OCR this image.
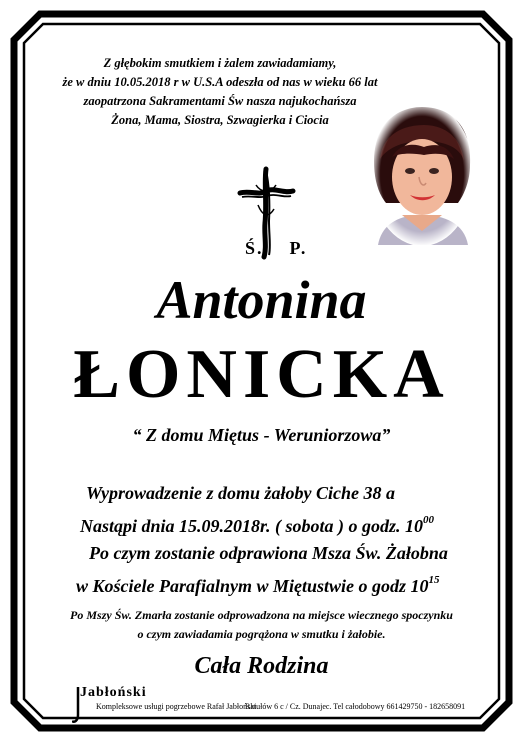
Z głębokim smutkiem i żalem zawiadamiamy,
że w dniu 10.05.2018 r w U.S.A odeszła od nas w wieku 66 lat
zaopatrzona Sakramentami Św nasza najukochańsza
Żona, Mama, Siostra, Szwagierka i Ciocia
Ś. P.
Antonina
ŁONICKA
“ Z domu Miętus - Weruniorzowa”
Wyprowadzenie z domu żałoby Ciche 38 a
Nastąpi dnia 15.09.2018r. ( sobota ) o godz. $10^{00}$
Po czym zostanie odprawiona Msza Św. Żałobna
w Kościele Parafialnym w Miętustwie o godz $10^{15}$
Po Mszy Św. Zmarła zostanie odprowadzona na miejsce wiecznego spoczynku
o czym zawiadamia pogrążona w smutku i żałobie.
Cała Rodzina
Jabłoński
Kompleksowe usługi pogrzebowe Rafał Jabłoński
Ratułów 6 c / Cz. Dunajec. Tel całodobowy 661429750 - 182658091
